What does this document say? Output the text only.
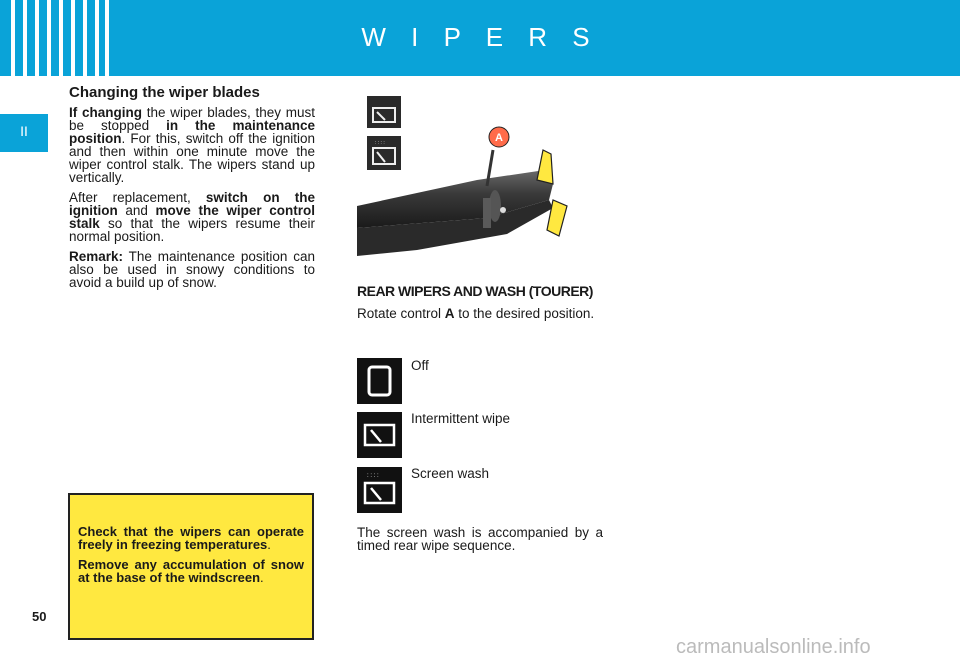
W I P E R S
II
Changing the wiper blades

If changing the wiper blades, they must be stopped in the maintenance position. For this, switch off the ignition and then within one minute move the wiper control stalk. The wipers stand up vertically.

After replacement, switch on the ignition and move the wiper control stalk so that the wipers resume their normal position.

Remark: The maintenance position can also be used in snowy conditions to avoid a build up of snow.

Check that the wipers can operate freely in freezing temperatures.

Remove any accumulation of snow at the base of the windscreen.

: : : :	A
REAR WIPERS AND WASH (TOURER)

Rotate control A to the desired position.

Off
Intermittent wipe
: : : : Screen wash

The screen wash is accompanied by a timed rear wipe sequence.

50
carmanualsonline.info
